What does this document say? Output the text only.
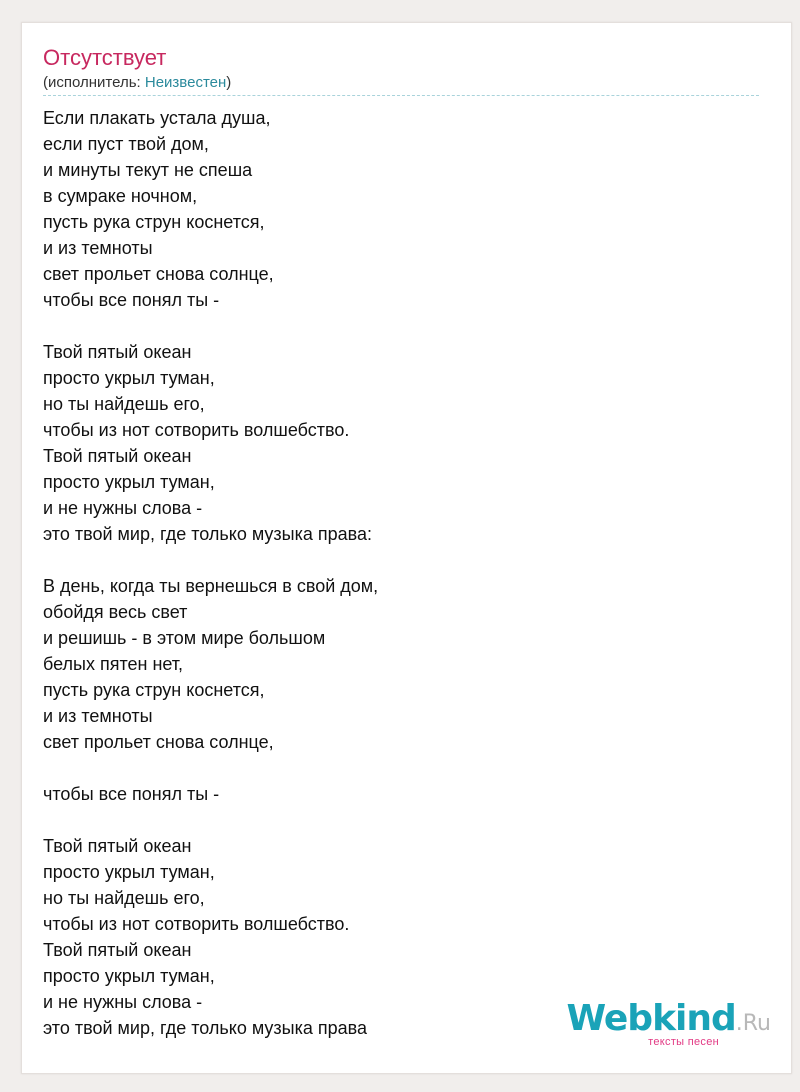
Отсутствует
(исполнитель: Неизвестен)
Если плакать устала душа,
если пуст твой дом,
и минуты текут не спеша
в сумраке ночном,
пусть рука струн коснется,
и из темноты
свет прольет снова солнце,
чтобы все понял ты -
Твой пятый океан
просто укрыл туман,
но ты найдешь его,
чтобы из нот сотворить волшебство.
Твой пятый океан
просто укрыл туман,
и не нужны слова -
это твой мир, где только музыка права:
В день, когда ты вернешься в свой дом,
обойдя весь свет
и решишь - в этом мире большом
белых пятен нет,
пусть рука струн коснется,
и из темноты
свет прольет снова солнце,
чтобы все понял ты -
Твой пятый океан
просто укрыл туман,
но ты найдешь его,
чтобы из нот сотворить волшебство.
Твой пятый океан
просто укрыл туман,
и не нужны слова -
это твой мир, где только музыка права	Webkind.Ru
тексты песен
